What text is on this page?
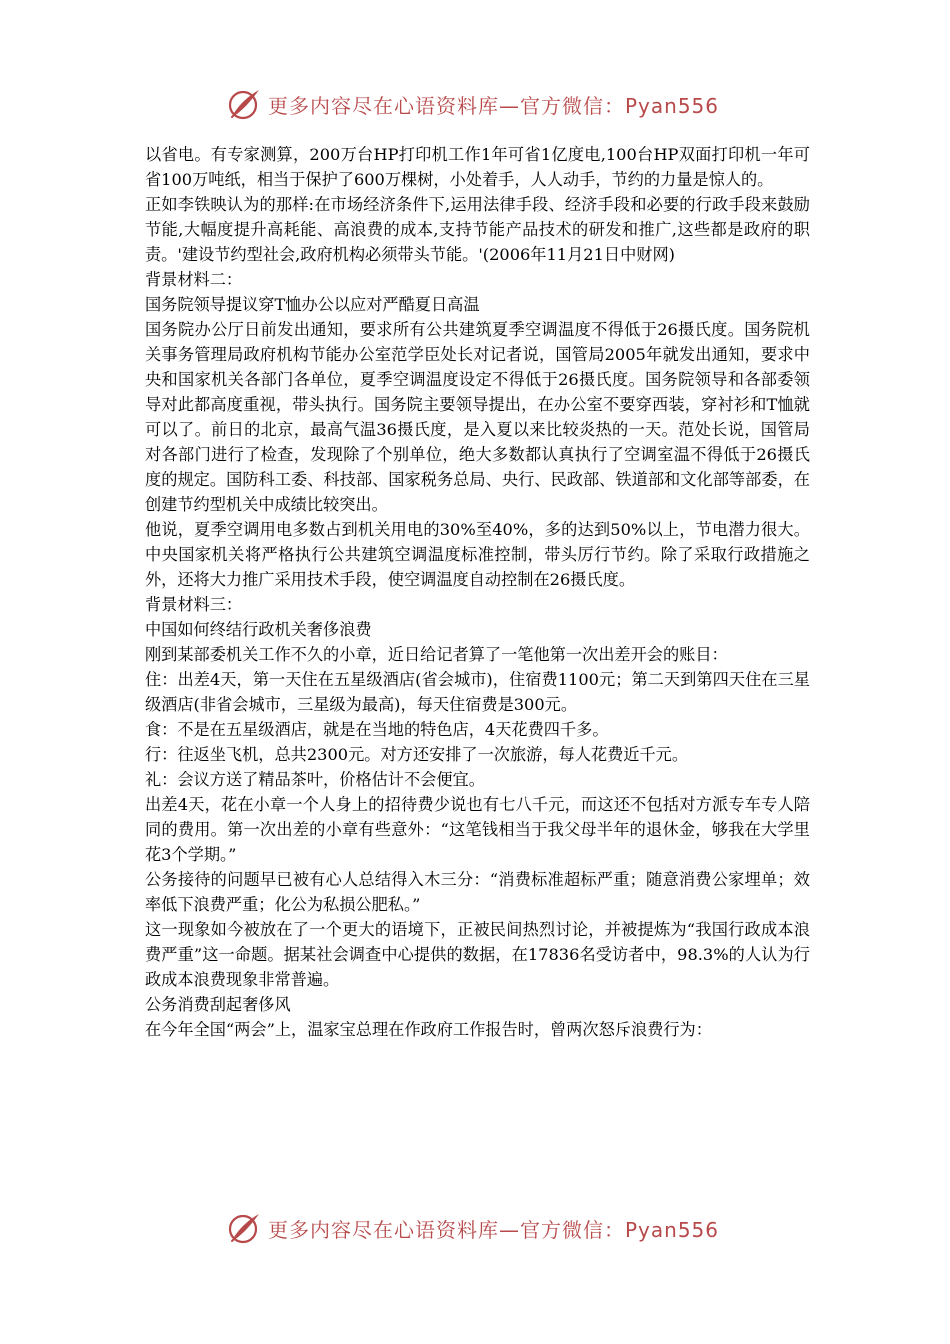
更多内容尽在心语资料库—官方微信：Pyan556

以省电。有专家测算，200万台HP打印机工作1年可省1亿度电,100台HP双面打印机一年可省100万吨纸，相当于保护了600万棵树，小处着手，人人动手，节约的力量是惊人的。

正如李铁映认为的那样:在市场经济条件下,运用法律手段、经济手段和必要的行政手段来鼓励节能,大幅度提升高耗能、高浪费的成本,支持节能产品技术的研发和推广,这些都是政府的职责。'建设节约型社会,政府机构必须带头节能。'(2006年11月21日中财网)

背景材料二：

国务院领导提议穿T恤办公以应对严酷夏日高温

国务院办公厅日前发出通知，要求所有公共建筑夏季空调温度不得低于26摄氏度。国务院机关事务管理局政府机构节能办公室范学臣处长对记者说，国管局2005年就发出通知，要求中央和国家机关各部门各单位，夏季空调温度设定不得低于26摄氏度。国务院领导和各部委领导对此都高度重视，带头执行。国务院主要领导提出，在办公室不要穿西装，穿衬衫和T恤就可以了。前日的北京，最高气温36摄氏度，是入夏以来比较炎热的一天。范处长说，国管局对各部门进行了检查，发现除了个别单位，绝大多数都认真执行了空调室温不得低于26摄氏度的规定。国防科工委、科技部、国家税务总局、央行、民政部、铁道部和文化部等部委，在创建节约型机关中成绩比较突出。

他说，夏季空调用电多数占到机关用电的30%至40%，多的达到50%以上，节电潜力很大。中央国家机关将严格执行公共建筑空调温度标准控制，带头厉行节约。除了采取行政措施之外，还将大力推广采用技术手段，使空调温度自动控制在26摄氏度。

背景材料三：

中国如何终结行政机关奢侈浪费

刚到某部委机关工作不久的小章，近日给记者算了一笔他第一次出差开会的账目：

住：出差4天，第一天住在五星级酒店(省会城市)，住宿费1100元；第二天到第四天住在三星级酒店(非省会城市，三星级为最高)，每天住宿费是300元。

食：不是在五星级酒店，就是在当地的特色店，4天花费四千多。

行：往返坐飞机，总共2300元。对方还安排了一次旅游，每人花费近千元。

礼：会议方送了精品茶叶，价格估计不会便宜。

出差4天，花在小章一个人身上的招待费少说也有七八千元，而这还不包括对方派专车专人陪同的费用。第一次出差的小章有些意外：“这笔钱相当于我父母半年的退休金，够我在大学里花3个学期。”

公务接待的问题早已被有心人总结得入木三分：“消费标准超标严重；随意消费公家埋单；效率低下浪费严重；化公为私损公肥私。”

这一现象如今被放在了一个更大的语境下，正被民间热烈讨论，并被提炼为“我国行政成本浪费严重”这一命题。据某社会调查中心提供的数据，在17836名受访者中，98.3%的人认为行政成本浪费现象非常普遍。

公务消费刮起奢侈风

在今年全国“两会”上，温家宝总理在作政府工作报告时，曾两次怒斥浪费行为：

更多内容尽在心语资料库—官方微信：Pyan556
